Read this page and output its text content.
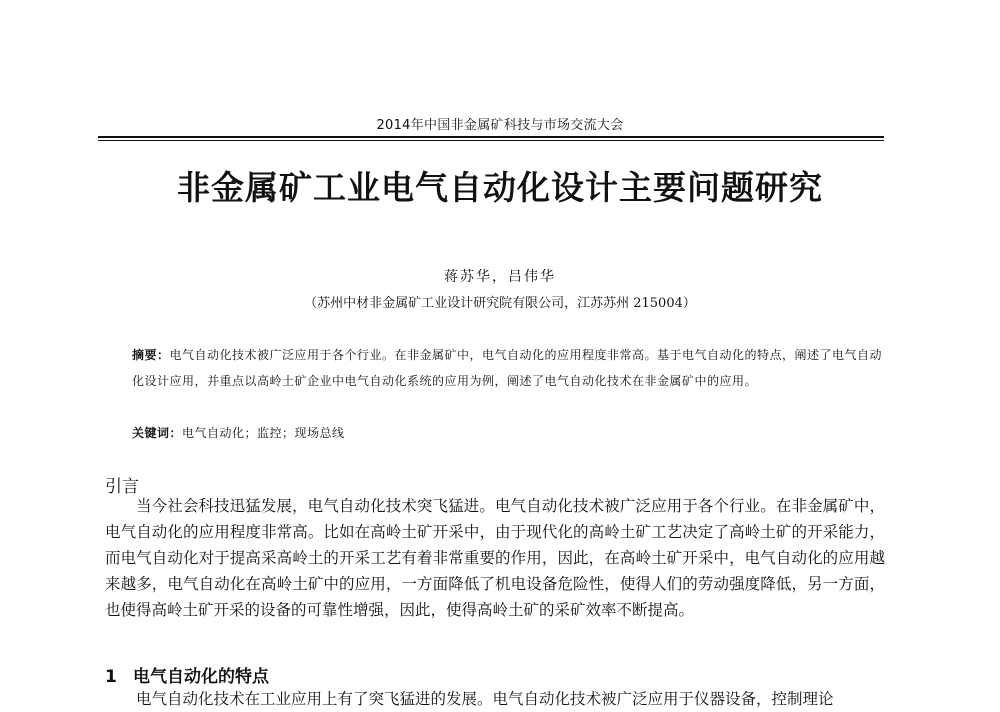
2014年中国非金属矿科技与市场交流大会
非金属矿工业电气自动化设计主要问题研究
蒋苏华，吕伟华
（苏州中材非金属矿工业设计研究院有限公司，江苏苏州 215004）
摘要：电气自动化技术被广泛应用于各个行业。在非金属矿中，电气自动化的应用程度非常高。基于电气自动化的特点，阐述了电气自动化设计应用，并重点以高岭土矿企业中电气自动化系统的应用为例，阐述了电气自动化技术在非金属矿中的应用。
关键词：电气自动化；监控；现场总线
引言
当今社会科技迅猛发展，电气自动化技术突飞猛进。电气自动化技术被广泛应用于各个行业。在非金属矿中，电气自动化的应用程度非常高。比如在高岭土矿开采中，由于现代化的高岭土矿工艺决定了高岭土矿的开采能力，而电气自动化对于提高采高岭土的开采工艺有着非常重要的作用，因此，在高岭土矿开采中，电气自动化的应用越来越多，电气自动化在高岭土矿中的应用，一方面降低了机电设备危险性，使得人们的劳动强度降低，另一方面，也使得高岭土矿开采的设备的可靠性增强，因此，使得高岭土矿的采矿效率不断提高。
1 电气自动化的特点
电气自动化技术在工业应用上有了突飞猛进的发展。电气自动化技术被广泛应用于仪器设备，控制理论
